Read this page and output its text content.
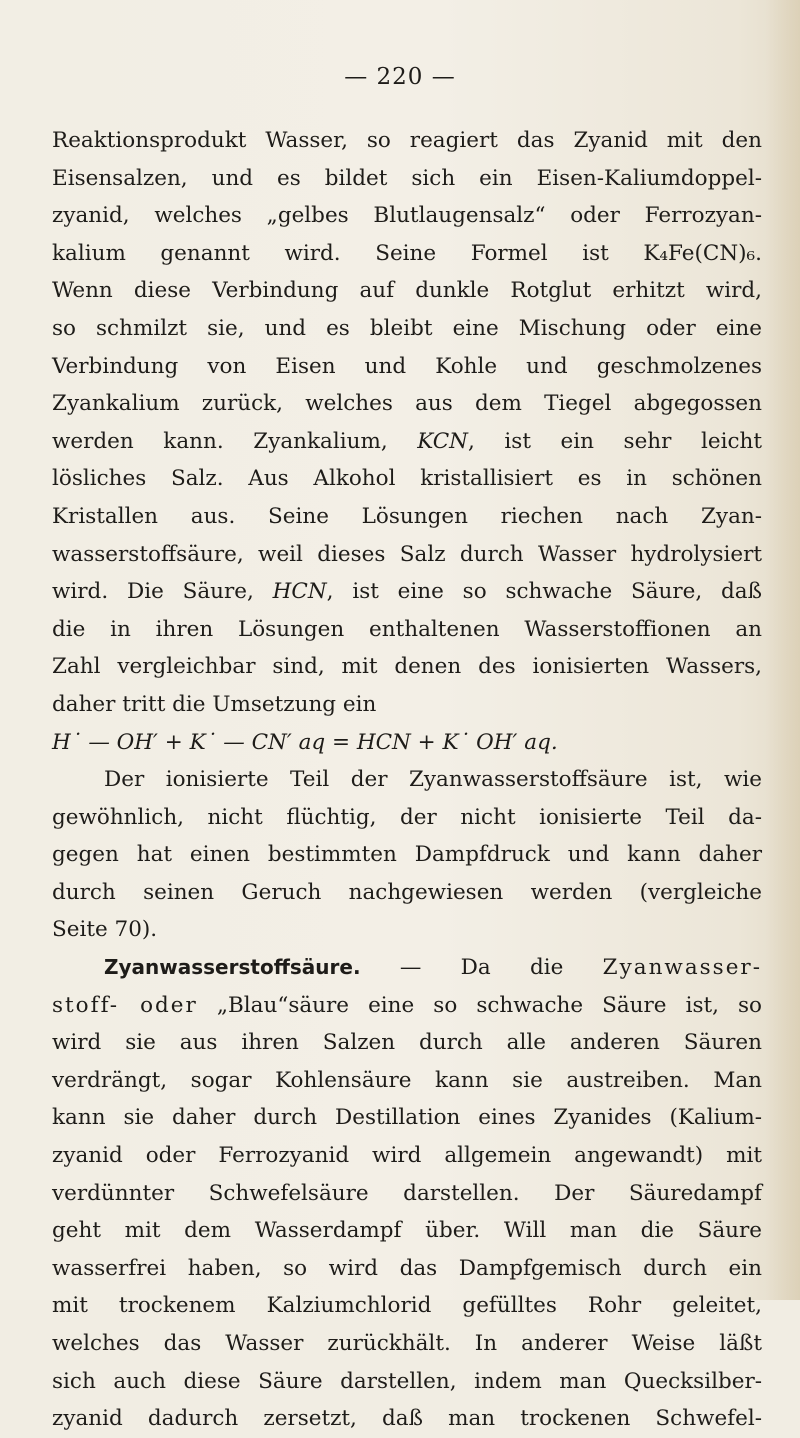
— 220 —
Reaktionsprodukt Wasser, so reagiert das Zyanid mit den
Eisensalzen, und es bildet sich ein Eisen-Kaliumdoppel-
zyanid, welches „gelbes Blutlaugensalz“ oder Ferrozyan-
kalium genannt wird. Seine Formel ist K₄Fe(CN)₆.
Wenn diese Verbindung auf dunkle Rotglut erhitzt wird,
so schmilzt sie, und es bleibt eine Mischung oder eine
Verbindung von Eisen und Kohle und geschmolzenes
Zyankalium zurück, welches aus dem Tiegel abgegossen
werden kann. Zyankalium, KCN, ist ein sehr leicht
lösliches Salz. Aus Alkohol kristallisiert es in schönen
Kristallen aus. Seine Lösungen riechen nach Zyan-
wasserstoffsäure, weil dieses Salz durch Wasser hydrolysiert
wird. Die Säure, HCN, ist eine so schwache Säure, daß
die in ihren Lösungen enthaltenen Wasserstoffionen an
Zahl vergleichbar sind, mit denen des ionisierten Wassers,
daher tritt die Umsetzung ein
H˙ — OH′ + K˙ — CN′ aq = HCN + K˙ OH′ aq.
Der ionisierte Teil der Zyanwasserstoffsäure ist, wie
gewöhnlich, nicht flüchtig, der nicht ionisierte Teil da-
gegen hat einen bestimmten Dampfdruck und kann daher
durch seinen Geruch nachgewiesen werden (vergleiche
Seite 70).
Zyanwasserstoffsäure. — Da die Zyanwasser-
stoff- oder „Blau“säure eine so schwache Säure ist, so
wird sie aus ihren Salzen durch alle anderen Säuren
verdrängt, sogar Kohlensäure kann sie austreiben. Man
kann sie daher durch Destillation eines Zyanides (Kalium-
zyanid oder Ferrozyanid wird allgemein angewandt) mit
verdünnter Schwefelsäure darstellen. Der Säuredampf
geht mit dem Wasserdampf über. Will man die Säure
wasserfrei haben, so wird das Dampfgemisch durch ein
mit trockenem Kalziumchlorid gefülltes Rohr geleitet,
welches das Wasser zurückhält. In anderer Weise läßt
sich auch diese Säure darstellen, indem man Quecksilber-
zyanid dadurch zersetzt, daß man trockenen Schwefel-
